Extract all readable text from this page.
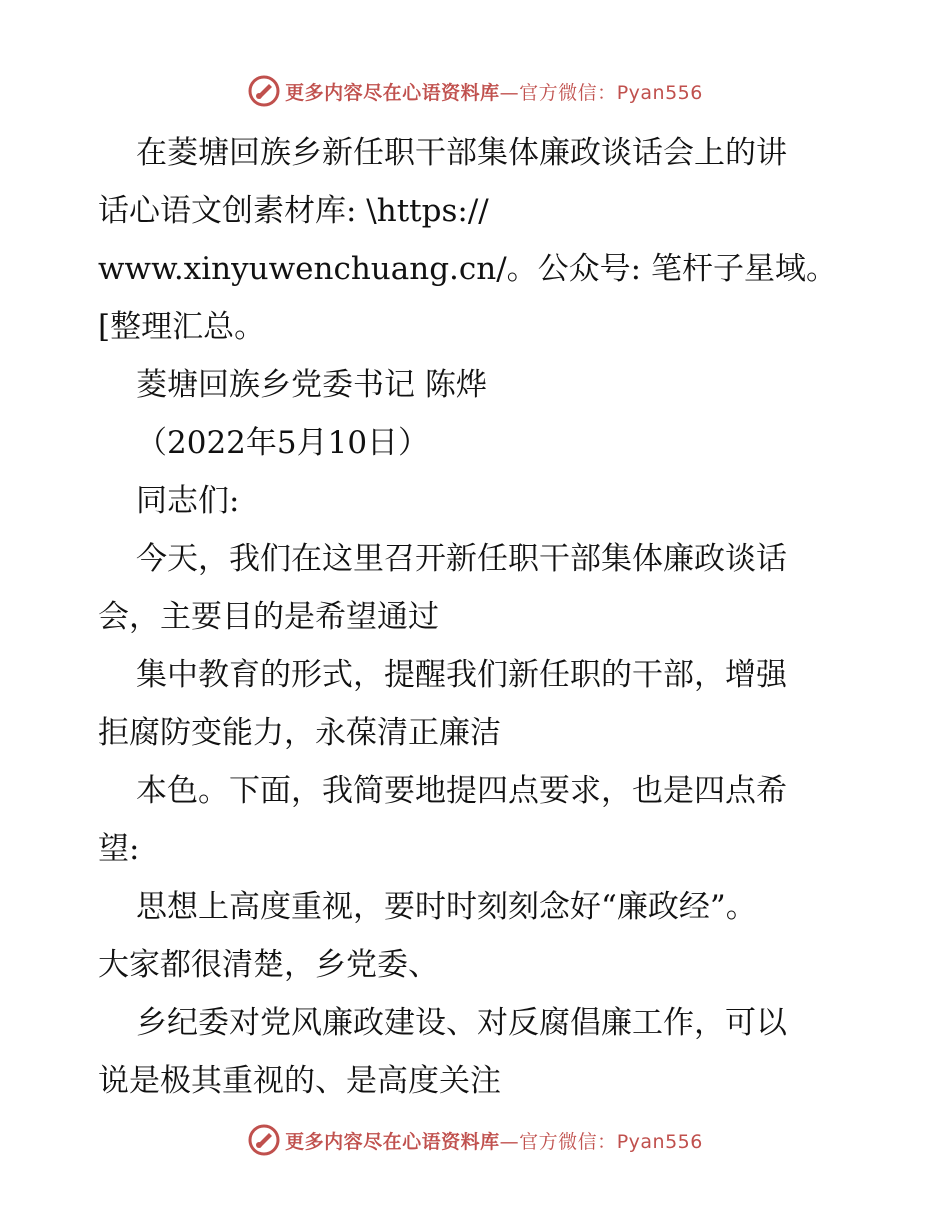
更多内容尽在心语资料库—官方微信：Pyan556
在菱塘回族乡新任职干部集体廉政谈话会上的讲
话心语文创素材库: \https://
www.xinyuwenchuang.cn/。公众号: 笔杆子星域。
[整理汇总。
菱塘回族乡党委书记 陈烨
（2022年5月10日）
同志们:
今天，我们在这里召开新任职干部集体廉政谈话
会，主要目的是希望通过
集中教育的形式，提醒我们新任职的干部，增强
拒腐防变能力，永葆清正廉洁
本色。下面，我简要地提四点要求，也是四点希
望:
思想上高度重视，要时时刻刻念好“廉政经”。
大家都很清楚，乡党委、
乡纪委对党风廉政建设、对反腐倡廉工作，可以
说是极其重视的、是高度关注
更多内容尽在心语资料库—官方微信：Pyan556
